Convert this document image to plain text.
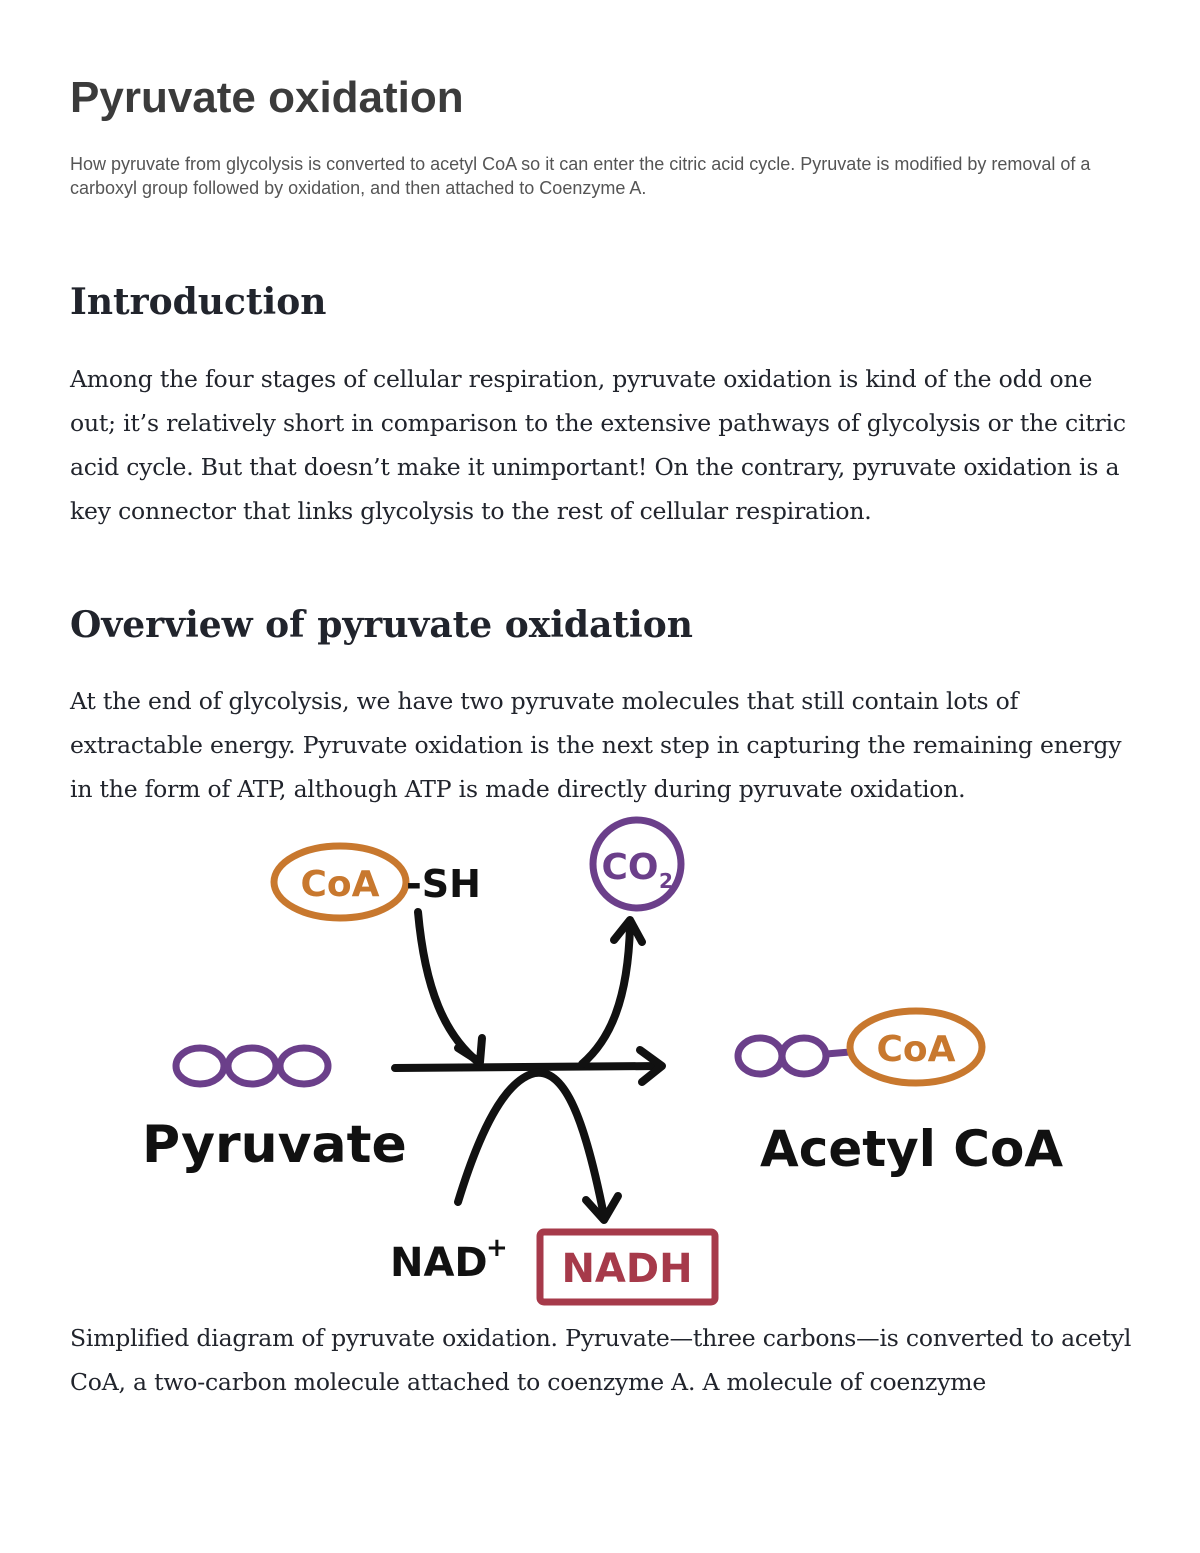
Pyruvate oxidation

How pyruvate from glycolysis is converted to acetyl CoA so it can enter the citric acid cycle. Pyruvate is modified by removal of a carboxyl group followed by oxidation, and then attached to Coenzyme A.

Introduction

Among the four stages of cellular respiration, pyruvate oxidation is kind of the odd one out; it’s relatively short in comparison to the extensive pathways of glycolysis or the citric acid cycle. But that doesn’t make it unimportant! On the contrary, pyruvate oxidation is a key connector that links glycolysis to the rest of cellular respiration.

Overview of pyruvate oxidation

At the end of glycolysis, we have two pyruvate molecules that still contain lots of extractable energy. Pyruvate oxidation is the next step in capturing the remaining energy in the form of ATP, although ATP is made directly during pyruvate oxidation.

Simplified diagram of pyruvate oxidation. Pyruvate—three carbons—is converted to acetyl CoA, a two-carbon molecule attached to coenzyme A. A molecule of coenzyme

CoA -SH	CO 2
Pyruvate
CoA
Acetyl CoA
NAD
+ NADH
